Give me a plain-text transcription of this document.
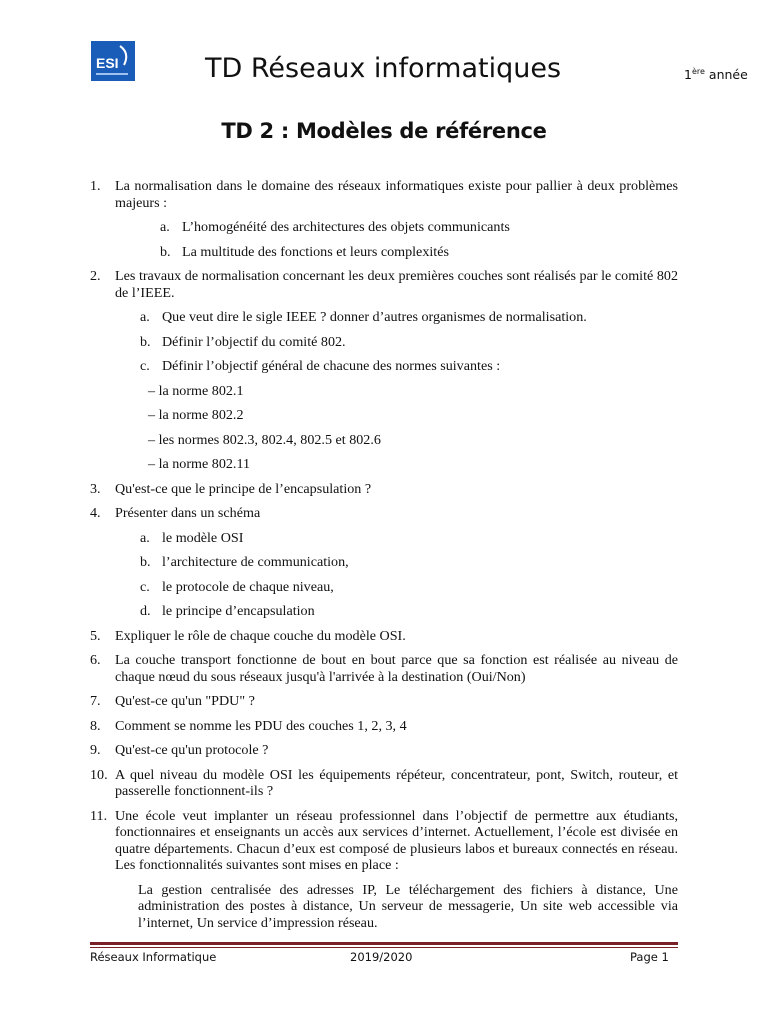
ESI	TD Réseaux informatiques	1ère année
TD 2 : Modèles de référence
1.	La normalisation dans le domaine des réseaux informatiques existe pour pallier à deux problèmes majeurs :
a. L’homogénéité des architectures des objets communicants
b. La multitude des fonctions et leurs complexités
2.	Les travaux de normalisation concernant les deux premières couches sont réalisés par le comité 802 de l’IEEE.
a. Que veut dire le sigle IEEE ? donner d’autres organismes de normalisation.
b. Définir l’objectif du comité 802.
c. Définir l’objectif général de chacune des normes suivantes :
– la norme 802.1
– la norme 802.2
– les normes 802.3, 802.4, 802.5 et 802.6
– la norme 802.11
3.	Qu'est-ce que le principe de l’encapsulation ?
4.	Présenter dans un schéma
a. le modèle OSI
b. l’architecture de communication,
c. le protocole de chaque niveau,
d. le principe d’encapsulation
5.	Expliquer le rôle de chaque couche du modèle OSI.
6.	La couche transport fonctionne de bout en bout parce que sa fonction est réalisée au niveau de chaque nœud du sous réseaux jusqu'à l'arrivée à la destination (Oui/Non)
7.	Qu'est-ce qu'un "PDU" ?
8.	Comment se nomme les PDU des couches 1, 2, 3, 4
9.	Qu'est-ce qu'un protocole ?
10. A quel niveau du modèle OSI les équipements répéteur, concentrateur, pont, Switch, routeur, et passerelle fonctionnent-ils ?
11. Une école veut implanter un réseau professionnel dans l’objectif de permettre aux étudiants, fonctionnaires et enseignants un accès aux services d’internet. Actuellement, l’école est divisée en quatre départements. Chacun d’eux est composé de plusieurs labos et bureaux connectés en réseau. Les fonctionnalités suivantes sont mises en place :
La gestion centralisée des adresses IP, Le téléchargement des fichiers à distance, Une administration des postes à distance, Un serveur de messagerie, Un site web accessible via l’internet, Un service d’impression réseau.
Réseaux Informatique	2019/2020	Page 1
